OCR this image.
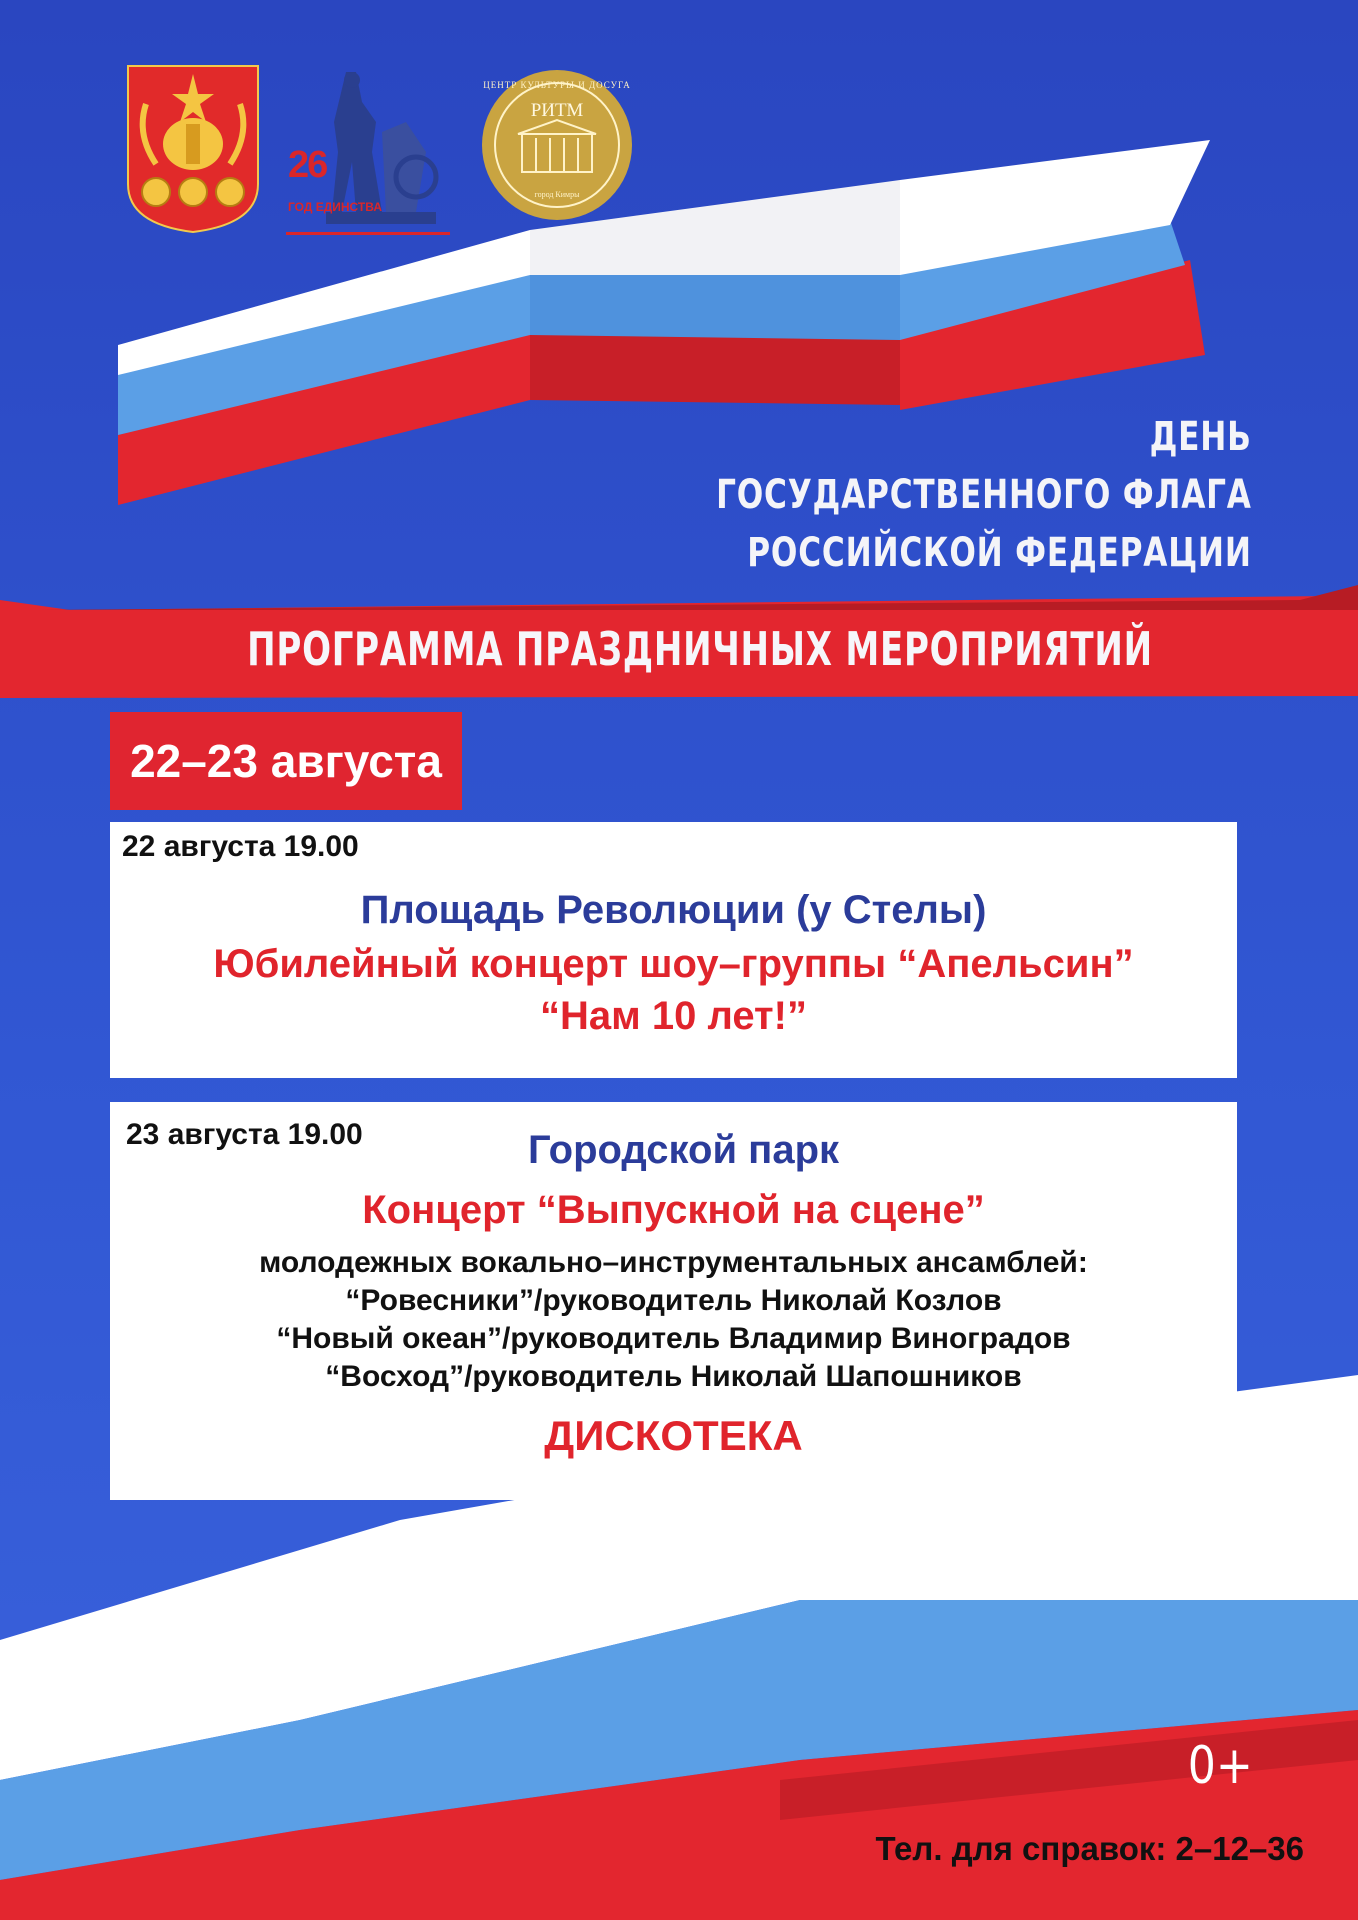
26
ГОД ЕДИНСТВА
ЦЕНТР КУЛЬТУРЫ И ДОСУГА
РИТМ
город Кимры
ДЕНЬ
ГОСУДАРСТВЕННОГО ФЛАГА
РОССИЙСКОЙ ФЕДЕРАЦИИ
ПРОГРАММА ПРАЗДНИЧНЫХ МЕРОПРИЯТИЙ
22–23 августа
22 августа 19.00
Площадь Революции (у Стелы)
Юбилейный концерт шоу–группы “Апельсин”
“Нам 10 лет!”
23 августа 19.00	Городской парк
Концерт “Выпускной на сцене”
молодежных вокально–инструментальных ансамблей:
“Ровесники”/руководитель Николай Козлов
“Новый океан”/руководитель Владимир Виноградов
“Восход”/руководитель Николай Шапошников
ДИСКОТЕКА
0+
Тел. для справок: 2–12–36
